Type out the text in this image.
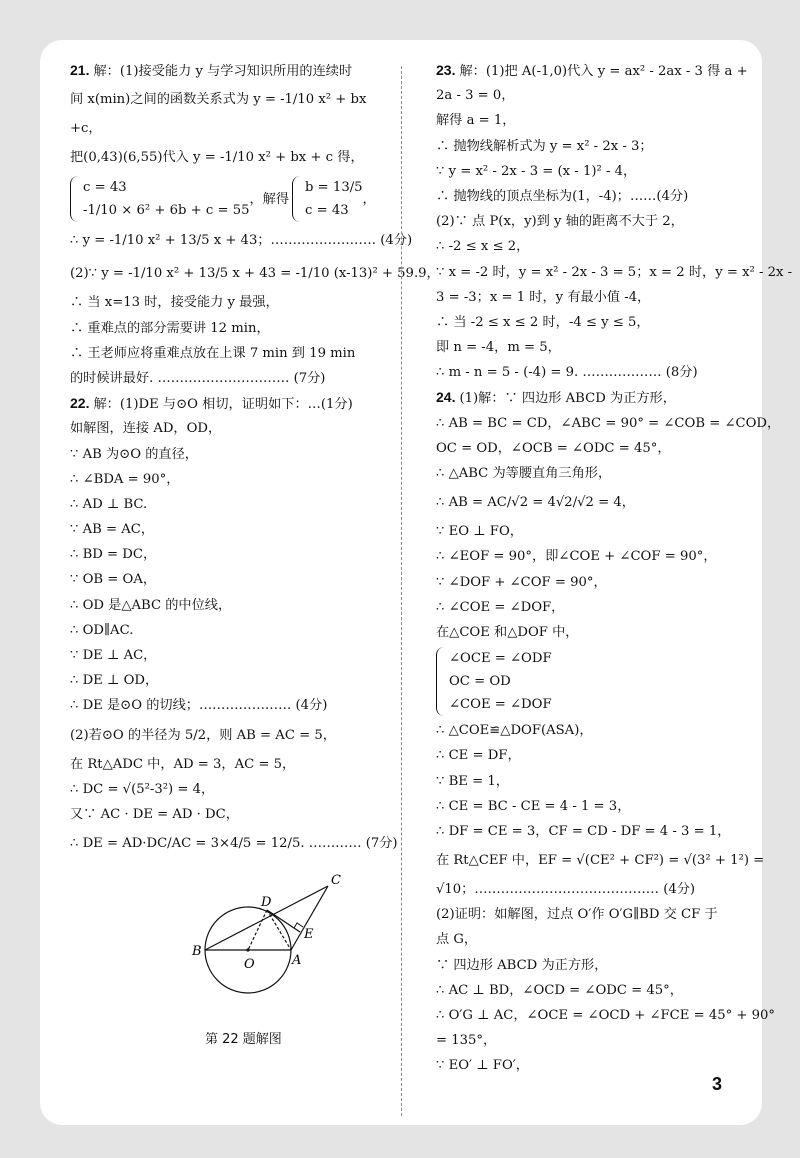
21. 解：(1)接受能力 y 与学习知识所用的连续时
间 x(min)之间的函数关系式为 y = -1/10 x² + bx
+c，
把(0,43)(6,55)代入 y = -1/10 x² + bx + c 得，
c = 43
-1/10 × 6² + 6b + c = 55
，解得
b = 13/5
c = 43
，
∴ y = -1/10 x² + 13/5 x + 43；…………………… (4分)
(2)∵ y = -1/10 x² + 13/5 x + 43 = -1/10 (x-13)² + 59.9，
∴ 当 x=13 时，接受能力 y 最强，
∴ 重难点的部分需要讲 12 min，
∴ 王老师应将重难点放在上课 7 min 到 19 min
的时候讲最好. ………………………… (7分)
22. 解：(1)DE 与⊙O 相切，证明如下：…(1分)
如解图，连接 AD，OD，
∵ AB 为⊙O 的直径，
∴ ∠BDA = 90°，
∴ AD ⊥ BC.
∵ AB = AC，
∴ BD = DC，
∵ OB = OA，
∴ OD 是△ABC 的中位线，
∴ OD∥AC.
∵ DE ⊥ AC，
∴ DE ⊥ OD，
∴ DE 是⊙O 的切线；………………… (4分)
(2)若⊙O 的半径为 5/2，则 AB = AC = 5，
在 Rt△ADC 中，AD = 3，AC = 5，
∴ DC = √(5²-3²) = 4，
又∵ AC · DE = AD · DC，
∴ DE = AD·DC/AC = 3×4/5 = 12/5. ………… (7分)
C
D
E
B
O	A
第 22 题解图
23. 解：(1)把 A(-1,0)代入 y = ax² - 2ax - 3 得 a +
2a - 3 = 0，
解得 a = 1，
∴ 抛物线解析式为 y = x² - 2x - 3；
∵ y = x² - 2x - 3 = (x - 1)² - 4，
∴ 抛物线的顶点坐标为(1，-4)；……(4分)
(2)∵ 点 P(x，y)到 y 轴的距离不大于 2，
∴ -2 ≤ x ≤ 2，
∵ x = -2 时，y = x² - 2x - 3 = 5；x = 2 时，y = x² - 2x -
3 = -3；x = 1 时，y 有最小值 -4，
∴ 当 -2 ≤ x ≤ 2 时，-4 ≤ y ≤ 5，
即 n = -4，m = 5，
∴ m - n = 5 - (-4) = 9. ……………… (8分)
24. (1)解：∵ 四边形 ABCD 为正方形，
∴ AB = BC = CD，∠ABC = 90° = ∠COB = ∠COD，
OC = OD，∠OCB = ∠ODC = 45°，
∴ △ABC 为等腰直角三角形，
∴ AB = AC/√2 = 4√2/√2 = 4，
∵ EO ⊥ FO，
∴ ∠EOF = 90°，即∠COE + ∠COF = 90°，
∵ ∠DOF + ∠COF = 90°，
∴ ∠COE = ∠DOF，
在△COE 和△DOF 中，
∠OCE = ∠ODF
OC = OD
∠COE = ∠DOF
∴ △COE≌△DOF(ASA)，
∴ CE = DF，
∵ BE = 1，
∴ CE = BC - CE = 4 - 1 = 3，
∴ DF = CE = 3，CF = CD - DF = 4 - 3 = 1，
在 Rt△CEF 中，EF = √(CE² + CF²) = √(3² + 1²) =
√10；…………………………………… (4分)
(2)证明：如解图，过点 O′作 O′G∥BD 交 CF 于
点 G，
∵ 四边形 ABCD 为正方形，
∴ AC ⊥ BD，∠OCD = ∠ODC = 45°，
∴ O′G ⊥ AC，∠OCE = ∠OCD + ∠FCE = 45° + 90°
= 135°，
∵ EO′ ⊥ FO′，
3
